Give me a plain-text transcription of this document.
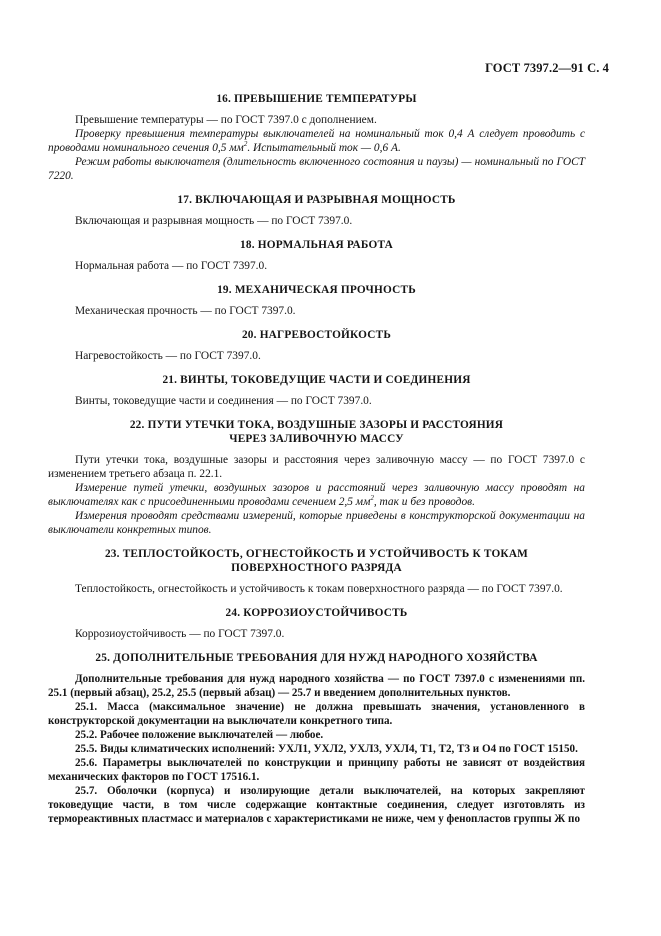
ГОСТ 7397.2—91 С. 4

16. ПРЕВЫШЕНИЕ ТЕМПЕРАТУРЫ

Превышение температуры — по ГОСТ 7397.0 с дополнением.

Проверку превышения температуры выключателей на номинальный ток 0,4 А следует проводить с проводами номинального сечения 0,5 $мм^2$. Испытательный ток — 0,6 А.

Режим работы выключателя (длительность включенного состояния и паузы) — номинальный по ГОСТ 7220.

17. ВКЛЮЧАЮЩАЯ И РАЗРЫВНАЯ МОЩНОСТЬ

Включающая и разрывная мощность — по ГОСТ 7397.0.

18. НОРМАЛЬНАЯ РАБОТА

Нормальная работа — по ГОСТ 7397.0.

19. МЕХАНИЧЕСКАЯ ПРОЧНОСТЬ

Механическая прочность — по ГОСТ 7397.0.

20. НАГРЕВОСТОЙКОСТЬ

Нагревостойкость — по ГОСТ 7397.0.

21. ВИНТЫ, ТОКОВЕДУЩИЕ ЧАСТИ И СОЕДИНЕНИЯ

Винты, токоведущие части и соединения — по ГОСТ 7397.0.

22. ПУТИ УТЕЧКИ ТОКА, ВОЗДУШНЫЕ ЗАЗОРЫ И РАССТОЯНИЯ

ЧЕРЕЗ ЗАЛИВОЧНУЮ МАССУ

Пути утечки тока, воздушные зазоры и расстояния через заливочную массу — по ГОСТ 7397.0 с изменением третьего абзаца п. 22.1.

Измерение путей утечки, воздушных зазоров и расстояний через заливочную массу проводят на выключателях как с присоединенными проводами сечением 2,5 $мм^2$, так и без проводов.

Измерения проводят средствами измерений, которые приведены в конструкторской документации на выключатели конкретных типов.

23. ТЕПЛОСТОЙКОСТЬ, ОГНЕСТОЙКОСТЬ И УСТОЙЧИВОСТЬ К ТОКАМ

ПОВЕРХНОСТНОГО РАЗРЯДА

Теплостойкость, огнестойкость и устойчивость к токам поверхностного разряда — по ГОСТ 7397.0.

24. КОРРОЗИОУСТОЙЧИВОСТЬ

Коррозиоустойчивость — по ГОСТ 7397.0.

25. ДОПОЛНИТЕЛЬНЫЕ ТРЕБОВАНИЯ ДЛЯ НУЖД НАРОДНОГО ХОЗЯЙСТВА

Дополнительные требования для нужд народного хозяйства — по ГОСТ 7397.0 с изменениями пп. 25.1 (первый абзац), 25.2, 25.5 (первый абзац) — 25.7 и введением дополнительных пунктов.

25.1. Масса (максимальное значение) не должна превышать значения, установленного в конструкторской документации на выключатели конкретного типа.

25.2. Рабочее положение выключателей — любое.

25.5. Виды климатических исполнений: УХЛ1, УХЛ2, УХЛ3, УХЛ4, Т1, Т2, Т3 и О4 по ГОСТ 15150.

25.6. Параметры выключателей по конструкции и принципу работы не зависят от воздействия механических факторов по ГОСТ 17516.1.

25.7. Оболочки (корпуса) и изолирующие детали выключателей, на которых закрепляют токоведущие части, в том числе содержащие контактные соединения, следует изготовлять из термореактивных пластмасс и материалов с характеристиками не ниже, чем у фенопластов группы Ж по
